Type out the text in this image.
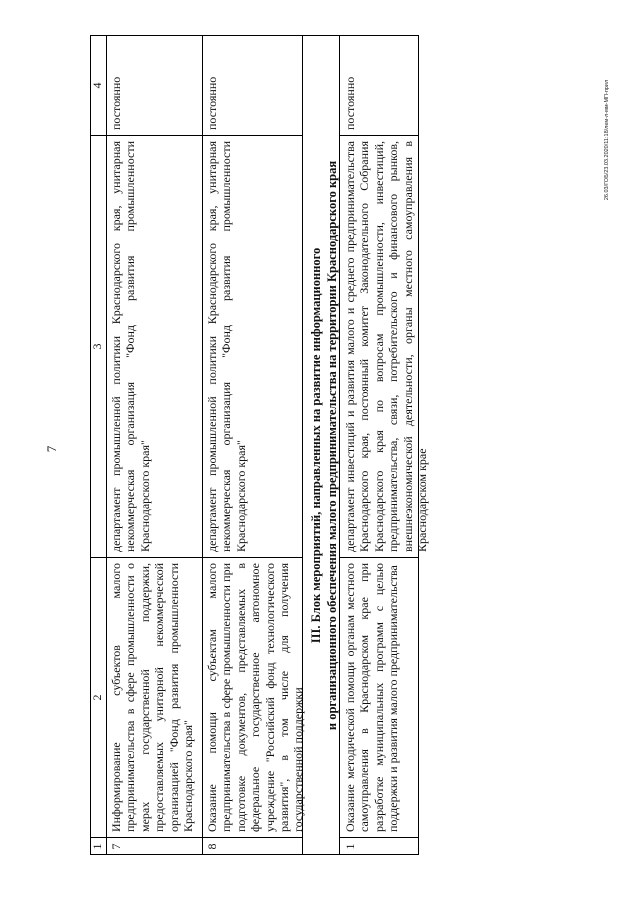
7
26.03/ГОБ/23.03.2020/11:18/лем-л-мм-МП-прил
1
2
3
4
7
Информирование субъектов малого предпринимательства в сфере промышленности о мерах государственной поддержки, предоставляемых унитарной некоммерческой организацией "Фонд развития промышленности Краснодарского края"
департамент промышленной политики Краснодарского края, унитарная некоммерческая организация "Фонд развития промышленности Краснодарского края"
постоянно
8
Оказание помощи субъектам малого предпринимательства в сфере промышленности при подготовке документов, представляемых в федеральное государственное автономное учреждение "Российский фонд технологического развития", в том числе для получения государственной поддержки
департамент промышленной политики Краснодарского края, унитарная некоммерческая организация "Фонд развития промышленности Краснодарского края"
постоянно
III. Блок мероприятий, направленных на развитие информационного и организационного обеспечения малого предпринимательства на территории Краснодарского края
1
Оказание методической помощи органам местного самоуправления в Краснодарском крае при разработке муниципальных программ с целью поддержки и развития малого предпринимательства
департамент инвестиций и развития малого и среднего предпринимательства Краснодарского края, постоянный комитет Законодательного Собрания Краснодарского края по вопросам промышленности, инвестиций, предпринимательства, связи, потребительского и финансового рынков, внешнеэкономической деятельности, органы местного самоуправления в Краснодарском крае
постоянно
